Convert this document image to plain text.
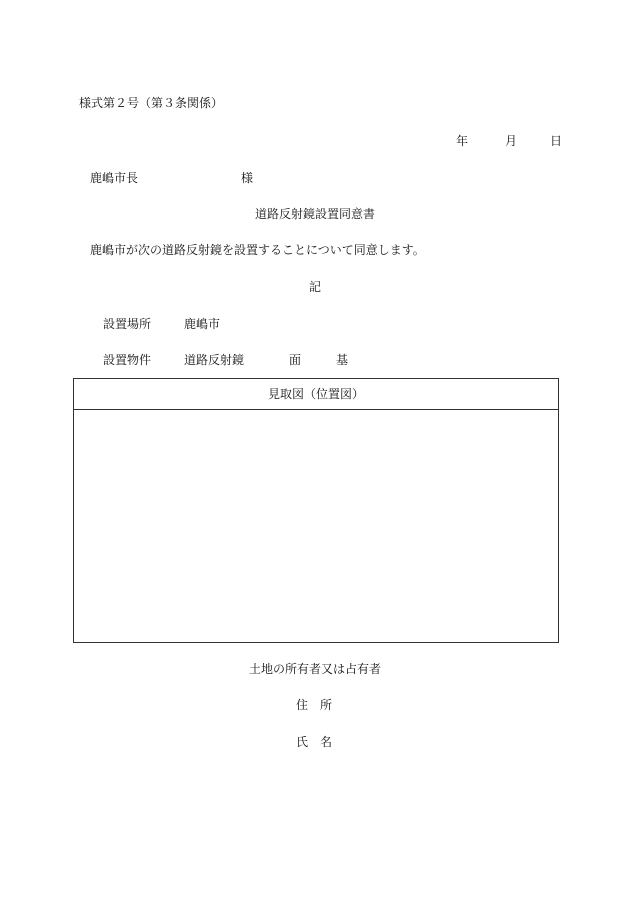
様式第２号（第３条関係）
年	月	日
鹿嶋市長	様
道路反射鏡設置同意書
鹿嶋市が次の道路反射鏡を設置することについて同意します。
記
設置場所	鹿嶋市
設置物件	道路反射鏡	面	基
見取図（位置図）
土地の所有者又は占有者
住所
氏名
